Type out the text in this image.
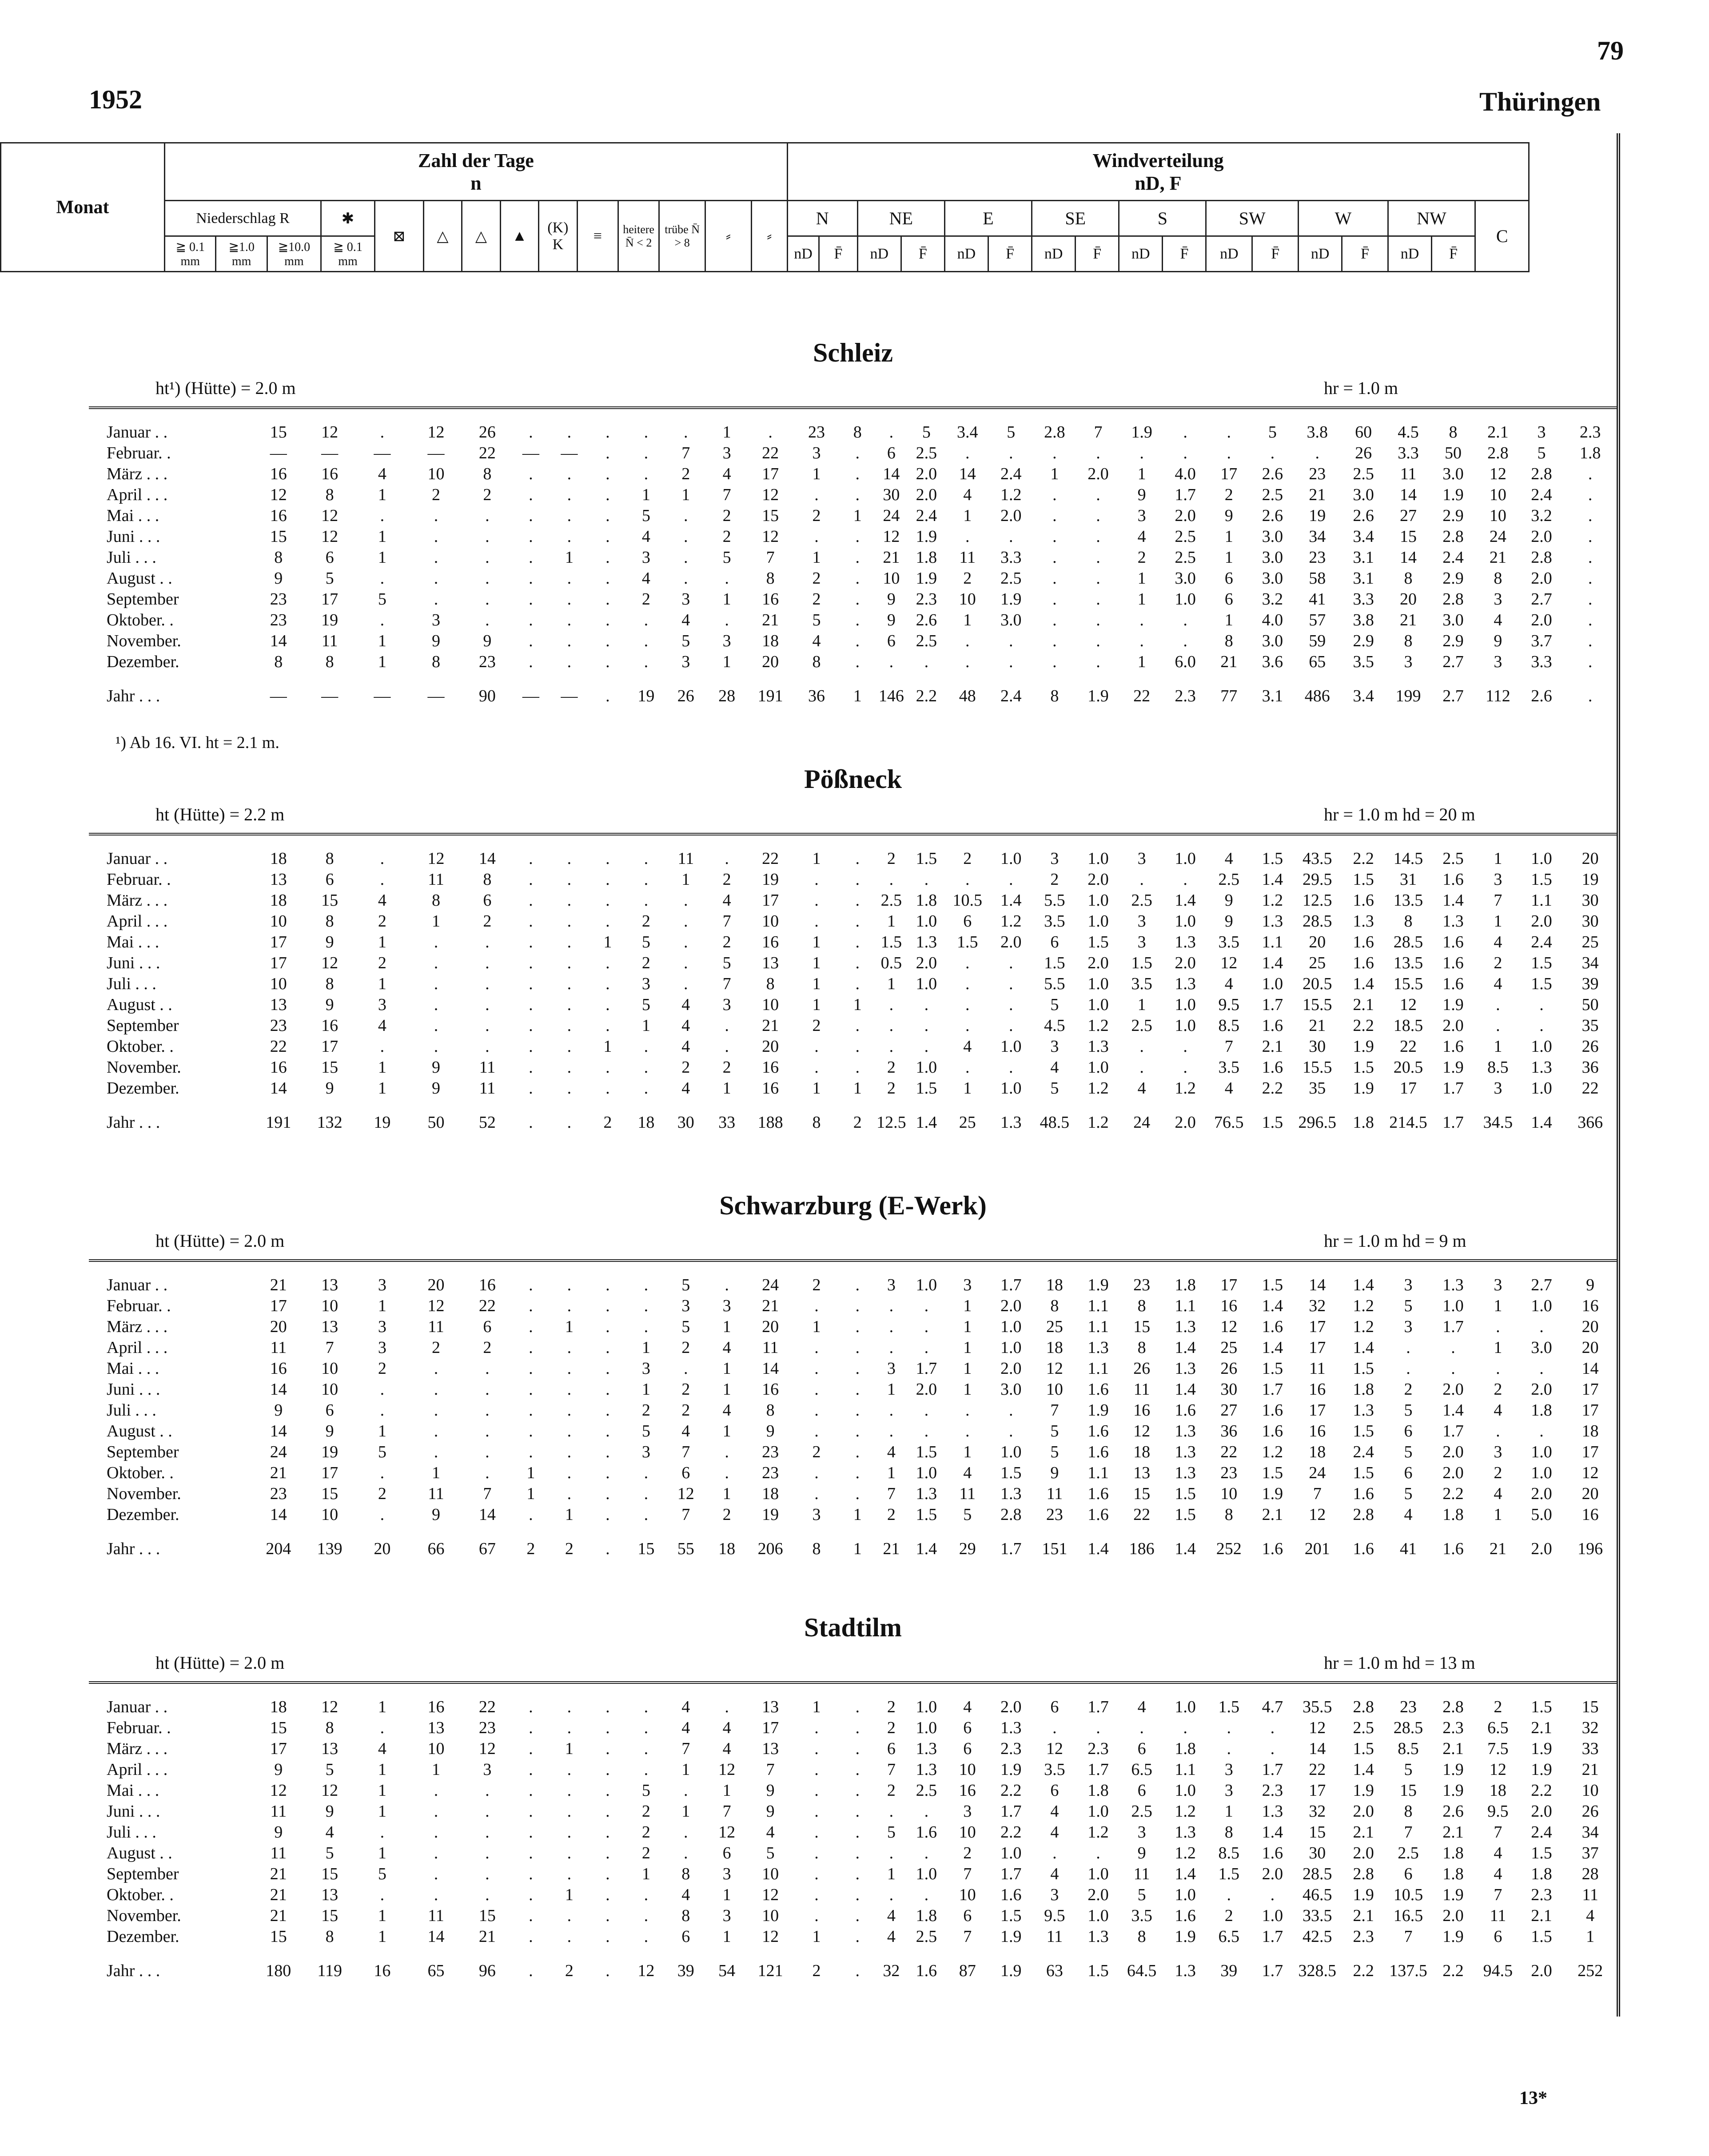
1952
79
Thüringen
Monat	Zahl der Tage
n														Windverteilung
nD, F																
	Niederschlag R			✱	⊠	△	△	▲	(K) K	≡	heitere N̄ < 2	trübe N̄ > 8	⸗	⸗	N		NE		E		SE		S		SW		W		NW		C
	≧ 0.1 mm	≧1.0 mm	≧10.0 mm	≧ 0.1 mm											nD	F̄	nD	F̄	nD	F̄	nD	F̄	nD	F̄	nD	F̄	nD	F̄	nD	F̄	
Schleiz
ht¹) (Hütte) = 2.0 m	hr = 1.0 m
Januar . .	15	12	.	12	26	.	.	.	.	.	1	.	23	8	.	5	3.4	5	2.8	7	1.9	.	.	5	3.8	60	4.5	8	2.1	3	2.3
Februar. .	—	—	—	—	22	—	—	.	.	7	3	22	3	.	6	2.5	.	.	.	.	.	.	.	.	.	26	3.3	50	2.8	5	1.8
März . . .	16	16	4	10	8	.	.	.	.	2	4	17	1	.	14	2.0	14	2.4	1	2.0	1	4.0	17	2.6	23	2.5	11	3.0	12	2.8	.
April . . .	12	8	1	2	2	.	.	.	1	1	7	12	.	.	30	2.0	4	1.2	.	.	9	1.7	2	2.5	21	3.0	14	1.9	10	2.4	.
Mai . . .	16	12	.	.	.	.	.	.	5	.	2	15	2	1	24	2.4	1	2.0	.	.	3	2.0	9	2.6	19	2.6	27	2.9	10	3.2	.
Juni . . .	15	12	1	.	.	.	.	.	4	.	2	12	.	.	12	1.9	.	.	.	.	4	2.5	1	3.0	34	3.4	15	2.8	24	2.0	.
Juli . . .	8	6	1	.	.	.	1	.	3	.	5	7	1	.	21	1.8	11	3.3	.	.	2	2.5	1	3.0	23	3.1	14	2.4	21	2.8	.
August . .	9	5	.	.	.	.	.	.	4	.	.	8	2	.	10	1.9	2	2.5	.	.	1	3.0	6	3.0	58	3.1	8	2.9	8	2.0	.
September	23	17	5	.	.	.	.	.	2	3	1	16	2	.	9	2.3	10	1.9	.	.	1	1.0	6	3.2	41	3.3	20	2.8	3	2.7	.
Oktober. .	23	19	.	3	.	.	.	.	.	4	.	21	5	.	9	2.6	1	3.0	.	.	.	.	1	4.0	57	3.8	21	3.0	4	2.0	.
November.	14	11	1	9	9	.	.	.	.	5	3	18	4	.	6	2.5	.	.	.	.	.	.	8	3.0	59	2.9	8	2.9	9	3.7	.
Dezember.	8	8	1	8	23	.	.	.	.	3	1	20	8	.	.	.	.	.	.	.	1	6.0	21	3.6	65	3.5	3	2.7	3	3.3	.
Jahr . . .	—	—	—	—	90	—	—	.	19	26	28	191	36	1	146	2.2	48	2.4	8	1.9	22	2.3	77	3.1	486	3.4	199	2.7	112	2.6	.
¹) Ab 16. VI. ht = 2.1 m.
Pößneck
ht (Hütte) = 2.2 m	hr = 1.0 m hd = 20 m
Januar . .	18	8	.	12	14	.	.	.	.	11	.	22	1	.	2	1.5	2	1.0	3	1.0	3	1.0	4	1.5	43.5	2.2	14.5	2.5	1	1.0	20
Februar. .	13	6	.	11	8	.	.	.	.	1	2	19	.	.	.	.	.	.	2	2.0	.	.	2.5	1.4	29.5	1.5	31	1.6	3	1.5	19
März . . .	18	15	4	8	6	.	.	.	.	.	4	17	.	.	2.5	1.8	10.5	1.4	5.5	1.0	2.5	1.4	9	1.2	12.5	1.6	13.5	1.4	7	1.1	30
April . . .	10	8	2	1	2	.	.	.	2	.	7	10	.	.	1	1.0	6	1.2	3.5	1.0	3	1.0	9	1.3	28.5	1.3	8	1.3	1	2.0	30
Mai . . .	17	9	1	.	.	.	.	1	5	.	2	16	1	.	1.5	1.3	1.5	2.0	6	1.5	3	1.3	3.5	1.1	20	1.6	28.5	1.6	4	2.4	25
Juni . . .	17	12	2	.	.	.	.	.	2	.	5	13	1	.	0.5	2.0	.	.	1.5	2.0	1.5	2.0	12	1.4	25	1.6	13.5	1.6	2	1.5	34
Juli . . .	10	8	1	.	.	.	.	.	3	.	7	8	1	.	1	1.0	.	.	5.5	1.0	3.5	1.3	4	1.0	20.5	1.4	15.5	1.6	4	1.5	39
August . .	13	9	3	.	.	.	.	.	5	4	3	10	1	1	.	.	.	.	5	1.0	1	1.0	9.5	1.7	15.5	2.1	12	1.9	.	.	50
September	23	16	4	.	.	.	.	.	1	4	.	21	2	.	.	.	.	.	4.5	1.2	2.5	1.0	8.5	1.6	21	2.2	18.5	2.0	.	.	35
Oktober. .	22	17	.	.	.	.	.	1	.	4	.	20	.	.	.	.	4	1.0	3	1.3	.	.	7	2.1	30	1.9	22	1.6	1	1.0	26
November.	16	15	1	9	11	.	.	.	.	2	2	16	.	.	2	1.0	.	.	4	1.0	.	.	3.5	1.6	15.5	1.5	20.5	1.9	8.5	1.3	36
Dezember.	14	9	1	9	11	.	.	.	.	4	1	16	1	1	2	1.5	1	1.0	5	1.2	4	1.2	4	2.2	35	1.9	17	1.7	3	1.0	22
Jahr . . .	191	132	19	50	52	.	.	2	18	30	33	188	8	2	12.5	1.4	25	1.3	48.5	1.2	24	2.0	76.5	1.5	296.5	1.8	214.5	1.7	34.5	1.4	366
Schwarzburg (E-Werk)
ht (Hütte) = 2.0 m	hr = 1.0 m hd = 9 m
Januar . .	21	13	3	20	16	.	.	.	.	5	.	24	2	.	3	1.0	3	1.7	18	1.9	23	1.8	17	1.5	14	1.4	3	1.3	3	2.7	9
Februar. .	17	10	1	12	22	.	.	.	.	3	3	21	.	.	.	.	1	2.0	8	1.1	8	1.1	16	1.4	32	1.2	5	1.0	1	1.0	16
März . . .	20	13	3	11	6	.	1	.	.	5	1	20	1	.	.	.	1	1.0	25	1.1	15	1.3	12	1.6	17	1.2	3	1.7	.	.	20
April . . .	11	7	3	2	2	.	.	.	1	2	4	11	.	.	.	.	1	1.0	18	1.3	8	1.4	25	1.4	17	1.4	.	.	1	3.0	20
Mai . . .	16	10	2	.	.	.	.	.	3	.	1	14	.	.	3	1.7	1	2.0	12	1.1	26	1.3	26	1.5	11	1.5	.	.	.	.	14
Juni . . .	14	10	.	.	.	.	.	.	1	2	1	16	.	.	1	2.0	1	3.0	10	1.6	11	1.4	30	1.7	16	1.8	2	2.0	2	2.0	17
Juli . . .	9	6	.	.	.	.	.	.	2	2	4	8	.	.	.	.	.	.	7	1.9	16	1.6	27	1.6	17	1.3	5	1.4	4	1.8	17
August . .	14	9	1	.	.	.	.	.	5	4	1	9	.	.	.	.	.	.	5	1.6	12	1.3	36	1.6	16	1.5	6	1.7	.	.	18
September	24	19	5	.	.	.	.	.	3	7	.	23	2	.	4	1.5	1	1.0	5	1.6	18	1.3	22	1.2	18	2.4	5	2.0	3	1.0	17
Oktober. .	21	17	.	1	.	1	.	.	.	6	.	23	.	.	1	1.0	4	1.5	9	1.1	13	1.3	23	1.5	24	1.5	6	2.0	2	1.0	12
November.	23	15	2	11	7	1	.	.	.	12	1	18	.	.	7	1.3	11	1.3	11	1.6	15	1.5	10	1.9	7	1.6	5	2.2	4	2.0	20
Dezember.	14	10	.	9	14	.	1	.	.	7	2	19	3	1	2	1.5	5	2.8	23	1.6	22	1.5	8	2.1	12	2.8	4	1.8	1	5.0	16
Jahr . . .	204	139	20	66	67	2	2	.	15	55	18	206	8	1	21	1.4	29	1.7	151	1.4	186	1.4	252	1.6	201	1.6	41	1.6	21	2.0	196
Stadtilm
ht (Hütte) = 2.0 m	hr = 1.0 m hd = 13 m
Januar . .	18	12	1	16	22	.	.	.	.	4	.	13	1	.	2	1.0	4	2.0	6	1.7	4	1.0	1.5	4.7	35.5	2.8	23	2.8	2	1.5	15
Februar. .	15	8	.	13	23	.	.	.	.	4	4	17	.	.	2	1.0	6	1.3	.	.	.	.	.	.	12	2.5	28.5	2.3	6.5	2.1	32
März . . .	17	13	4	10	12	.	1	.	.	7	4	13	.	.	6	1.3	6	2.3	12	2.3	6	1.8	.	.	14	1.5	8.5	2.1	7.5	1.9	33
April . . .	9	5	1	1	3	.	.	.	.	1	12	7	.	.	7	1.3	10	1.9	3.5	1.7	6.5	1.1	3	1.7	22	1.4	5	1.9	12	1.9	21
Mai . . .	12	12	1	.	.	.	.	.	5	.	1	9	.	.	2	2.5	16	2.2	6	1.8	6	1.0	3	2.3	17	1.9	15	1.9	18	2.2	10
Juni . . .	11	9	1	.	.	.	.	.	2	1	7	9	.	.	.	.	3	1.7	4	1.0	2.5	1.2	1	1.3	32	2.0	8	2.6	9.5	2.0	26
Juli . . .	9	4	.	.	.	.	.	.	2	.	12	4	.	.	5	1.6	10	2.2	4	1.2	3	1.3	8	1.4	15	2.1	7	2.1	7	2.4	34
August . .	11	5	1	.	.	.	.	.	2	.	6	5	.	.	.	.	2	1.0	.	.	9	1.2	8.5	1.6	30	2.0	2.5	1.8	4	1.5	37
September	21	15	5	.	.	.	.	.	1	8	3	10	.	.	1	1.0	7	1.7	4	1.0	11	1.4	1.5	2.0	28.5	2.8	6	1.8	4	1.8	28
Oktober. .	21	13	.	.	.	.	1	.	.	4	1	12	.	.	.	.	10	1.6	3	2.0	5	1.0	.	.	46.5	1.9	10.5	1.9	7	2.3	11
November.	21	15	1	11	15	.	.	.	.	8	3	10	.	.	4	1.8	6	1.5	9.5	1.0	3.5	1.6	2	1.0	33.5	2.1	16.5	2.0	11	2.1	4
Dezember.	15	8	1	14	21	.	.	.	.	6	1	12	1	.	4	2.5	7	1.9	11	1.3	8	1.9	6.5	1.7	42.5	2.3	7	1.9	6	1.5	1
Jahr . . .	180	119	16	65	96	.	2	.	12	39	54	121	2	.	32	1.6	87	1.9	63	1.5	64.5	1.3	39	1.7	328.5	2.2	137.5	2.2	94.5	2.0	252
13*
